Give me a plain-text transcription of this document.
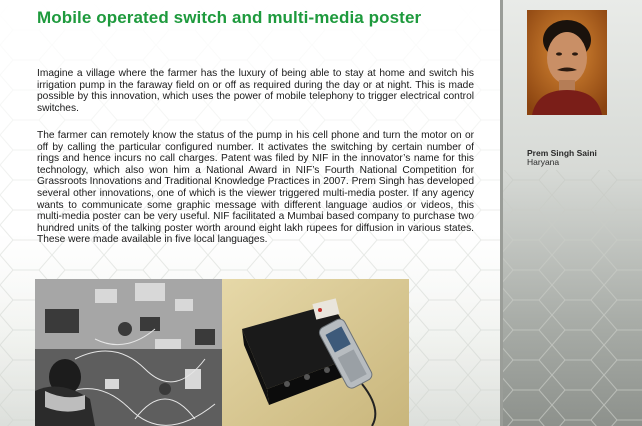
Mobile operated switch and multi-media poster

Imagine a village where the farmer has the luxury of being able to stay at home and switch his irrigation pump in the faraway field on or off as required during the day or at night. This is made possible by this innovation, which uses the power of mobile telephony to trigger electrical control switches.

The farmer can remotely know the status of the pump in his cell phone and turn the motor on or off by calling the particular configured number. It activates the switching by certain number of rings and hence incurs no call charges. Patent was filed by NIF in the innovator’s name for this technology, which also won him a National Award in NIF’s Fourth National Competition for Grassroots Innovations and Traditional Knowledge Practices in 2007. Prem Singh has developed several other innovations, one of which is the viewer triggered multi-media poster. If any agency wants to communicate some graphic message with different language audios or videos, this multi-media poster can be very useful. NIF facilitated a Mumbai based company to purchase two hundred units of the talking poster worth around eight lakh rupees for diffusion in various states. These were made available in five local languages.

Prem Singh Saini

Haryana
